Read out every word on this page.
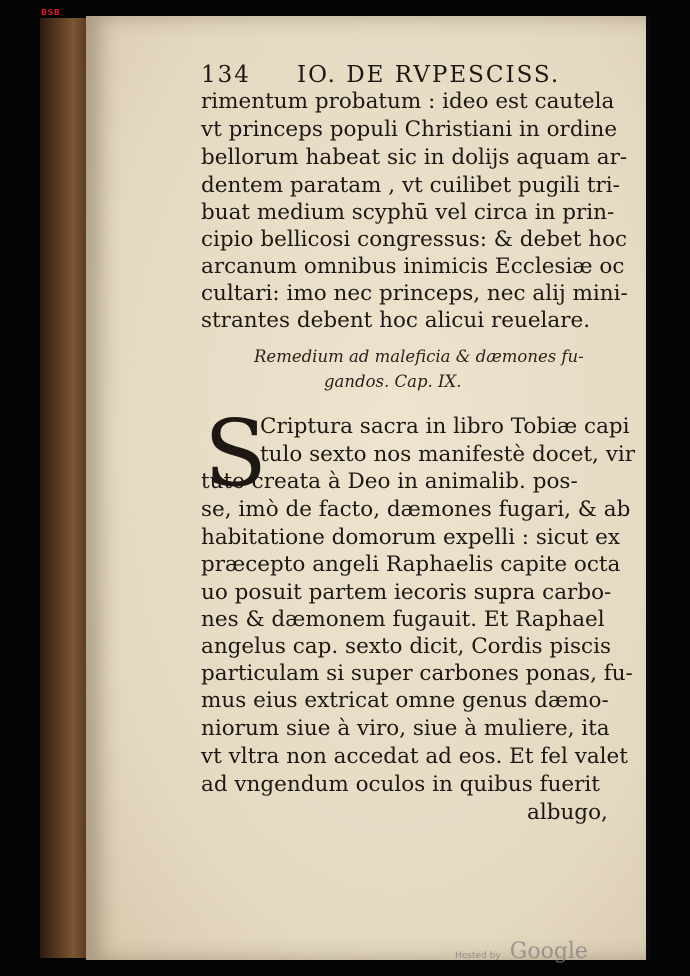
BSB
134 IO. DE RVPESCISS.
rimentum probatum : ideo est cautela
vt princeps populi Christiani in ordine
bellorum habeat sic in dolijs aquam ar-
dentem paratam , vt cuilibet pugili tri-
buat medium scyphū vel circa in prin-
cipio bellicosi congressus: & debet hoc
arcanum omnibus inimicis Ecclesiæ oc
cultari: imo nec princeps, nec alij mini-
strantes debent hoc alicui reuelare.
Remedium ad maleficia & dæmones fu-
gandos. Cap. IX.
S
Criptura sacra in libro Tobiæ capi
tulo sexto nos manifestè docet, vir
tute creata à Deo in animalib. pos-
se, imò de facto, dæmones fugari, & ab
habitatione domorum expelli : sicut ex
præcepto angeli Raphaelis capite octa
uo posuit partem iecoris supra carbo-
nes & dæmonem fugauit. Et Raphael
angelus cap. sexto dicit, Cordis piscis
particulam si super carbones ponas, fu-
mus eius extricat omne genus dæmo-
niorum siue à viro, siue à muliere, ita
vt vltra non accedat ad eos. Et fel valet
ad vngendum oculos in quibus fuerit
albugo,
Hosted by Google
